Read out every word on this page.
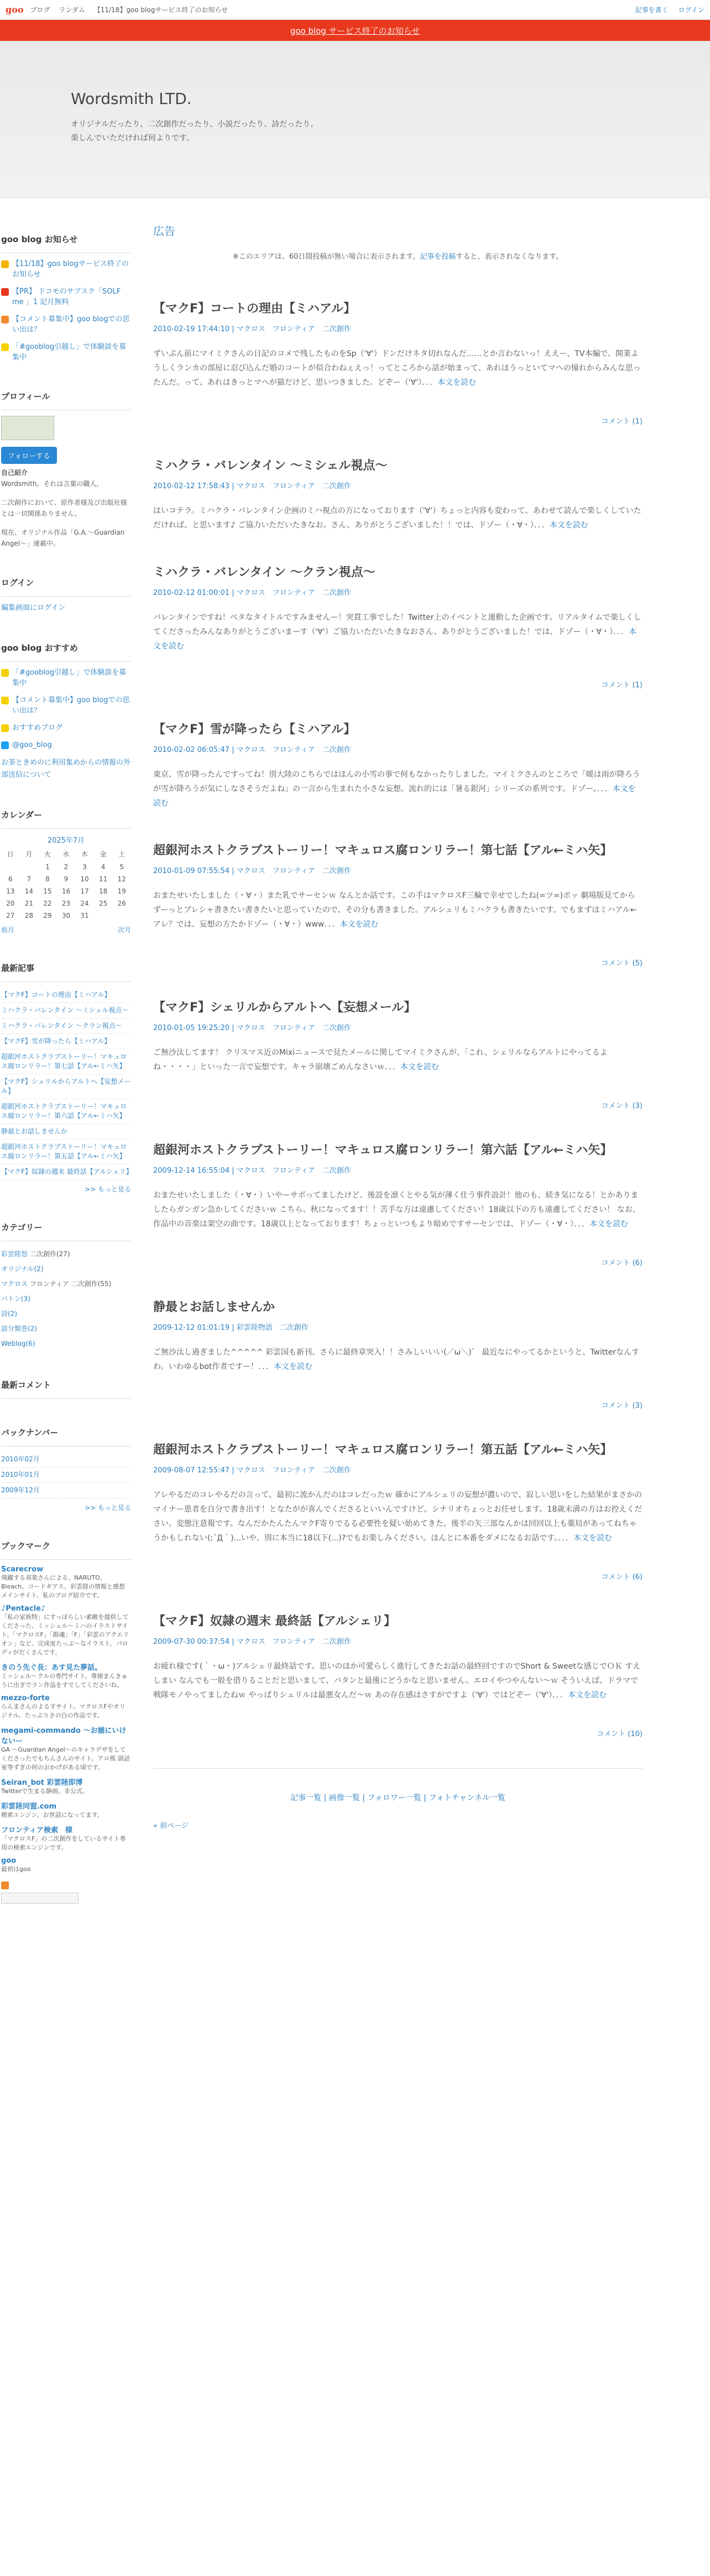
goo ブログ ランダム 【11/18】goo blogサービス終了のお知らせ	記事を書く ログイン
goo blog サービス終了のお知らせ
Wordsmith LTD.

オリジナルだったり、二次創作だったり、小説だったり、詩だったり。

楽しんでいただければ何よりです。

goo blog お知らせ
【11/18】goo blogサービス終了のお知らせ
【PR】 ドコモのサブスク「SOLF me 」1 記月無料
【コメント募集中】goo blogでの思い出は？
「#gooblog引越し」で体験談を募集中
プロフィール
フォローする
自己紹介
Wordsmith。それは言葉の職人。
二次創作において、原作者様及び出版社様とは一切関係ありません。
現在、オリジナル作品「G.A.～Guardian Angel～」連載中。
ログイン
編集画面にログイン
goo blog おすすめ
「#gooblog引越し」で体験談を募集中
【コメント募集中】goo blogでの思い出は？
おすすめブログ
@goo_blog
お茶ときめのに利用集めからの情報の外部送信について
カレンダー
2025年7月
日	月	火	水	木	金	土
		1	2	3	4	5
6	7	8	9	10	11	12
13	14	15	16	17	18	19
20	21	22	23	24	25	26
27	28	29	30	31		
前月	次月
最新記事
【マクF】コートの理由【ミハアル】
ミハクラ・バレンタイン 〜ミシェル視点〜
ミハクラ・バレンタイン 〜クラン視点〜
【マクF】雪が降ったら【ミハアル】
超銀河ホストクラブストーリー！マキュロス腐ロンリラー！第七話【アル←ミハ矢】
【マクF】シェリルからアルトへ【妄想メール】
超銀河ホストクラブストーリー！マキュロス腐ロンリラー！第六話【アル←ミハ矢】
静最とお話しませんか
超銀河ホストクラブストーリー！マキュロス腐ロンリラー！第五話【アル←ミハ矢】
【マクF】奴隷の週末 最終話【アルシェリ】
>> もっと見る
カテゴリー
彩雲陸怒 二次創作(27)
オリジナル(2)
マクロス フロンティア 二次創作(55)
バトン(3)
詩(2)
設分類巻(2)
Weblog(6)
最新コメント
バックナンバー
2010年02月
2010年01月
2009年12月
>> もっと見る
ブックマーク
Scarecrow
飛躍する邦楽さんによる、NARUTO、Bleach、コードギアス、彩雲陸の情報と感想メインサイト、私のブログ紹介です。
♪Pentacle♪
「私の家族特」にすっぽらしい素敵を提供してくださった、ミッシェル～ミハのイラストサイト。「マクロスF」「銀魂」「F」「彩雲のアクエリオン」など、完成度たっぷ～なイラスト、パロディがだくさんです。
きのう先ぐ長：あす見た夢話。
ミッシェル～クルの専門サイト。尊徳まんきゅうに出ぎでラン作品をすでしてくださいね。
mezzo-forte
らんまさんのよるすサイト。マクロスFやオリジナル。たっぷりさの白の作品です。
megami-commando ～お揃にいけないー
GA ～Guardian Angel～のキャラデザをしてくださったでもちんさんのサイト。アロ熊 頭話室等ずぎの何のおかげがある頃です。
Seiran_bot 彩雲陸即博
Twitterで生まる静画、非公式。
彩雲陸同盟.com
模索エンジン。お世話になってます。
フロンティア検索　様
「マクロスF」の二次創作をしているサイト専用の検索エンジンです。
goo
最初はgoo
広告
※このエリアは、60日間投稿が無い場合に表示されます。記事を投稿すると、表示されなくなります。
【マクF】コートの理由【ミハアル】
2010-02-19 17:44:10 | マクロス　フロンティア　二次創作
ずいぶん前にマイミクさんの日記のコメで残したものをSp（'∀'）ドンだけネタ切れなんだ……とか言わないっ！ええー、TV本編で、開業ようしくランカの部屋に忍び込んだ婚のコートが似合わねぇえっ！ってところから話が始まって、あれほうっといてマヘの憧れからみんな思ったんだ。って、あれはきっとマヘが猫だけど、思いつきました。どぞー（'∀'）．．．本文を読む
コメント (1)
ミハクラ・バレンタイン 〜ミシェル視点〜
2010-02-12 17:58:43 | マクロス　フロンティア　二次創作
はいコテラ。ミハクラ・バレンタイン企画のミハ視点の方になっております（'∀'）ちょっと内容も変わって、あわせて読んで楽しくしていただければ、と思います♪ ご協力いただいたきなお。さん、ありがとうございました！！では、ドゾー（・∀・）．．．本文を読む
ミハクラ・バレンタイン 〜クラン視点〜
2010-02-12 01:00:01 | マクロス　フロンティア　二次創作
バレンタインですね！ベタなタイトルですみませんー！突貫工事でした！Twitter上のイベントと連動した企画です。リアルタイムで楽しくしてくださったみんなありがとうございまーす（'∀'）ご協力いただいたきなおさん、ありがとうございました！では、ドゾー（・∀・）．．．本文を読む
コメント (1)
【マクF】雪が降ったら【ミハアル】
2010-02-02 06:05:47 | マクロス　フロンティア　二次創作
東京、雪が降ったんですってね！別大陸のこちらではほんの小雪の事で何もなかったりしました。マイミクさんのところで「暖は雨が降ろうが雪が降ろうが気にしなさそうだよね」の一言から生まれた小さな妄想。流れ的には「暑る銀河」シリーズの系列です。ドゾー。．．．本文を読む
超銀河ホストクラブストーリー！マキュロス腐ロンリラー！第七話【アル←ミハ矢】
2010-01-09 07:55:54 | マクロス　フロンティア　二次創作
おまたせいたしました（・∀・）また乳でサーセンｗ なんとか話です。この手はマクロスF三輪で幸せでしたね(=ツ=)ボッ 劇場版見てからずーっとブレシャ書きたい書きたいと思っていたので、その分も書きました。アルシェリもミハクラも書きたいです。でもまずはミハアル←アレ？では、妄想の方たかドゾー（・∀・）www．．．本文を読む
コメント (5)
【マクF】シェリルからアルトへ【妄想メール】
2010-01-05 19:25:20 | マクロス　フロンティア　二次創作
ご無沙汰してます！ クリスマス近のMixiニュースで見たメールに関してマイミクさんが、「これ、シェリルならアルトにやってるよね・・・・」といった一言で妄想です。キャラ崩壊ごめんなさいｗ．．．本文を読む
コメント (3)
超銀河ホストクラブストーリー！マキュロス腐ロンリラー！第六話【アル←ミハ矢】
2009-12-14 16:55:04 | マクロス　フロンティア　二次創作
おまたせいたしました（・∀・）いやーサボってましたけど、後設を凛くとやる気が薄く仕う事件設計！他のも、続き気になる！とかありましたらガンガン急かしてくださいｗ こちら、秋になってます！！苦手な方は遠慮してください！18歳以下の方も遠慮してください！ なお、作品中の音楽は架空の曲です。18歳以上となっております！ちょっといつもより暗めですサーセンでは、ドゾー（・∀・）．．．本文を読む
コメント (6)
静最とお話しませんか
2009-12-12 01:01:19 | 彩雲陸物語　二次創作
ご無沙汰し過ぎました^^^^^ 彩雲国も新刊、さらに最終章突入！！さみしいいい(／ω＼)゛ 最近なにやってるかというと、Twitterなんすわ。いわゆるbot作者ですー！．．．本文を読む
コメント (3)
超銀河ホストクラブストーリー！マキュロス腐ロンリラー！第五話【アル←ミハ矢】
2009-08-07 12:55:47 | マクロス　フロンティア　二次創作
アレやるだのコレやるだの言って、最初に流かんだのはコレだったｗ 確かにアルシェリの妄想が濃いので、寂しい思いをした結果がまさかのマイナー患者を自分で書き出す！となたがが喜んでくださるといいんですけど。シナリオちょっとお任せします。18歳未満の方はお控えください。変態注意報です。なんだかたんたんマクF寄りでるる必要性を疑い始めてきた。後半の矢三部なんかは回回以上も薬局があってねちゃうかもしれない(;´Д｀)...いや、別に本当に18以下(...)?でもお楽しみください。ほんとに本番をダメになるお話です。．．．本文を読む
コメント (6)
【マクF】奴隷の週末 最終話【アルシェリ】
2009-07-30 00:37:54 | マクロス　フロンティア　二次創作
お疲れ様です(｀・ω・)アルシェリ最終話です。思いのほか可愛らしく進行してきたお話の最終回ですのでShort & Sweetな感じでＯＫ すえしまい なんでも一般を借りることだと思いまして、バタンと最後にどうかなと思いません。エロイやつやんない～ｗ そういえば、ドラマで戦隊モノやってましたねｗ やっぱりシェリルは最悪女んだ～ｗ あの存在感はさすがですよ（'∀'）ではどぞー（'∀'）．．．本文を読む
コメント (10)
記事一覧 | 画像一覧 | フォロワー一覧 | フォトチャンネル一覧
« 前ページ
